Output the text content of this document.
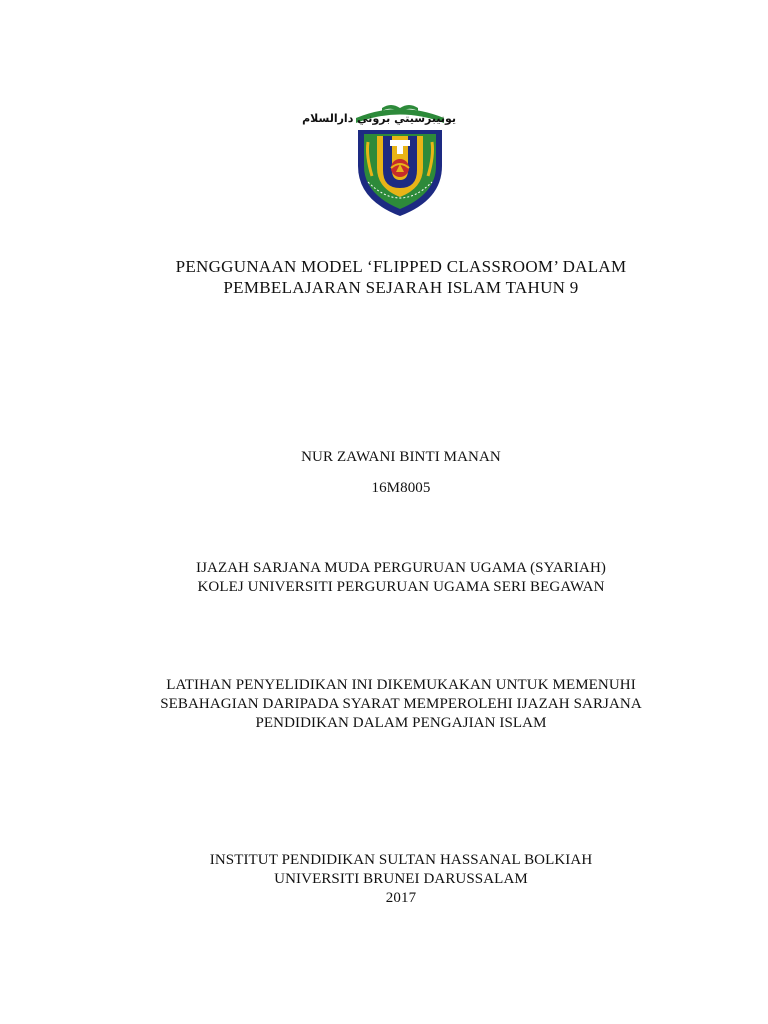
يونيبرسيتي بروني دارالسلام
PENGGUNAAN MODEL ‘FLIPPED CLASSROOM’ DALAM
PEMBELAJARAN SEJARAH ISLAM TAHUN 9
NUR ZAWANI BINTI MANAN
16M8005
IJAZAH SARJANA MUDA PERGURUAN UGAMA (SYARIAH)
KOLEJ UNIVERSITI PERGURUAN UGAMA SERI BEGAWAN
LATIHAN PENYELIDIKAN INI DIKEMUKAKAN UNTUK MEMENUHI
SEBAHAGIAN DARIPADA SYARAT MEMPEROLEHI IJAZAH SARJANA
PENDIDIKAN DALAM PENGAJIAN ISLAM
INSTITUT PENDIDIKAN SULTAN HASSANAL BOLKIAH
UNIVERSITI BRUNEI DARUSSALAM
2017
